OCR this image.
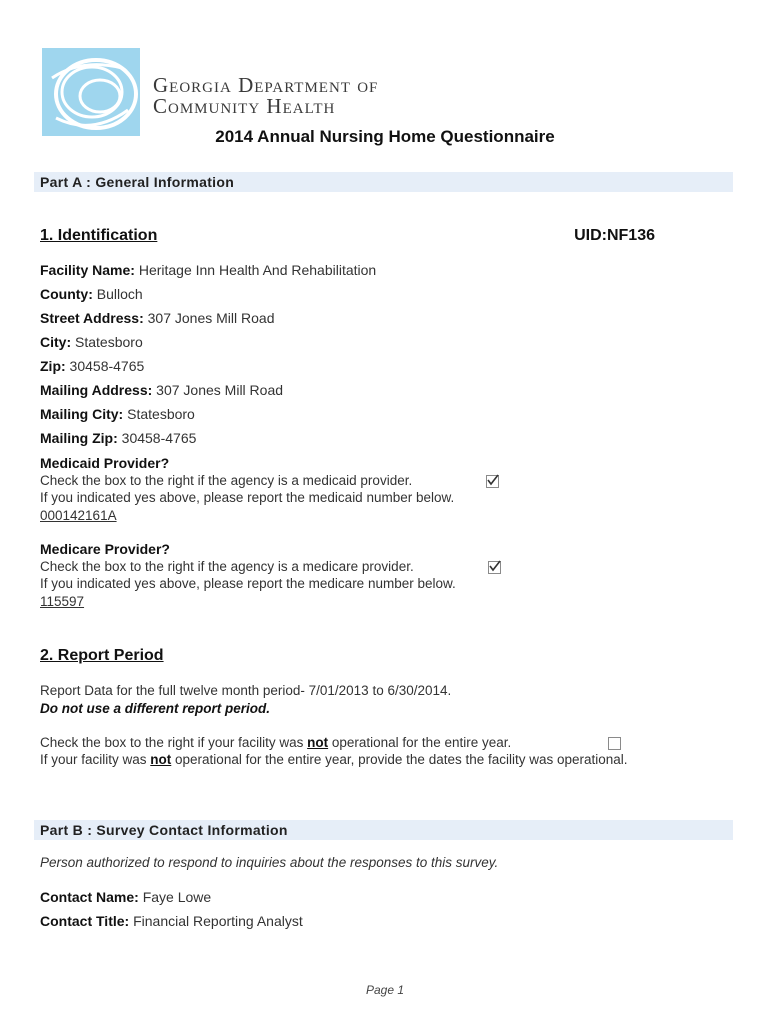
Georgia Department of
Community Health
2014 Annual Nursing Home Questionnaire
Part A : General Information
1. Identification	UID:NF136
Facility Name: Heritage Inn Health And Rehabilitation
County: Bulloch
Street Address: 307 Jones Mill Road
City: Statesboro
Zip: 30458-4765
Mailing Address: 307 Jones Mill Road
Mailing City: Statesboro
Mailing Zip: 30458-4765
Medicaid Provider?
Check the box to the right if the agency is a medicaid provider.
If you indicated yes above, please report the medicaid number below.
000142161A
Medicare Provider?
Check the box to the right if the agency is a medicare provider.
If you indicated yes above, please report the medicare number below.
115597
2. Report Period
Report Data for the full twelve month period- 7/01/2013 to 6/30/2014.
Do not use a different report period.
Check the box to the right if your facility was not operational for the entire year.
If your facility was not operational for the entire year, provide the dates the facility was operational.
Part B : Survey Contact Information
Person authorized to respond to inquiries about the responses to this survey.
Contact Name: Faye Lowe
Contact Title: Financial Reporting Analyst
Page 1
